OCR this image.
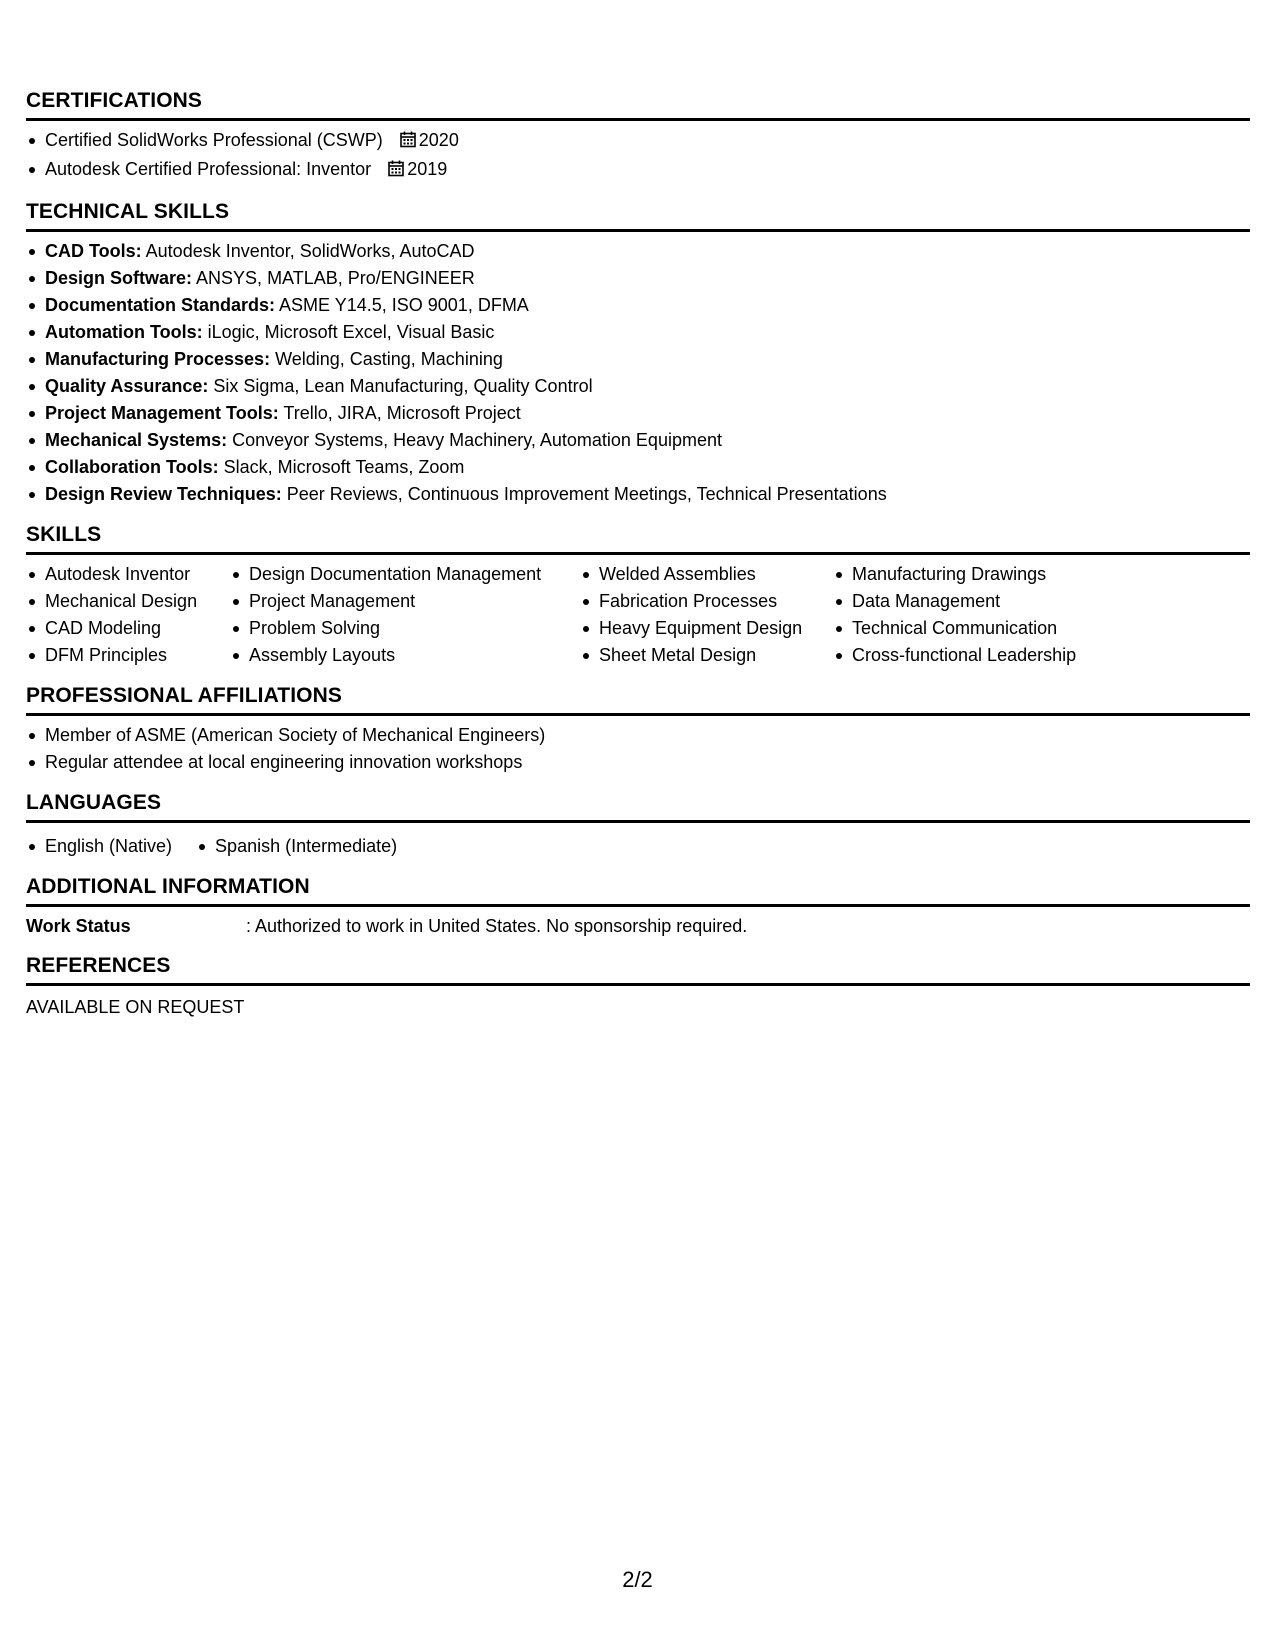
CERTIFICATIONS
Certified SolidWorks Professional (CSWP) 2020
Autodesk Certified Professional: Inventor 2019
TECHNICAL SKILLS
CAD Tools: Autodesk Inventor, SolidWorks, AutoCAD
Design Software: ANSYS, MATLAB, Pro/ENGINEER
Documentation Standards: ASME Y14.5, ISO 9001, DFMA
Automation Tools: iLogic, Microsoft Excel, Visual Basic
Manufacturing Processes: Welding, Casting, Machining
Quality Assurance: Six Sigma, Lean Manufacturing, Quality Control
Project Management Tools: Trello, JIRA, Microsoft Project
Mechanical Systems: Conveyor Systems, Heavy Machinery, Automation Equipment
Collaboration Tools: Slack, Microsoft Teams, Zoom
Design Review Techniques: Peer Reviews, Continuous Improvement Meetings, Technical Presentations
SKILLS
Autodesk Inventor
Mechanical Design
CAD Modeling
DFM Principles
Design Documentation Management
Project Management
Problem Solving
Assembly Layouts
Welded Assemblies
Fabrication Processes
Heavy Equipment Design
Sheet Metal Design
Manufacturing Drawings
Data Management
Technical Communication
Cross-functional Leadership
PROFESSIONAL AFFILIATIONS
Member of ASME (American Society of Mechanical Engineers)
Regular attendee at local engineering innovation workshops
LANGUAGES
English (Native)	Spanish (Intermediate)
ADDITIONAL INFORMATION
Work Status	: Authorized to work in United States. No sponsorship required.
REFERENCES
AVAILABLE ON REQUEST
2/2
